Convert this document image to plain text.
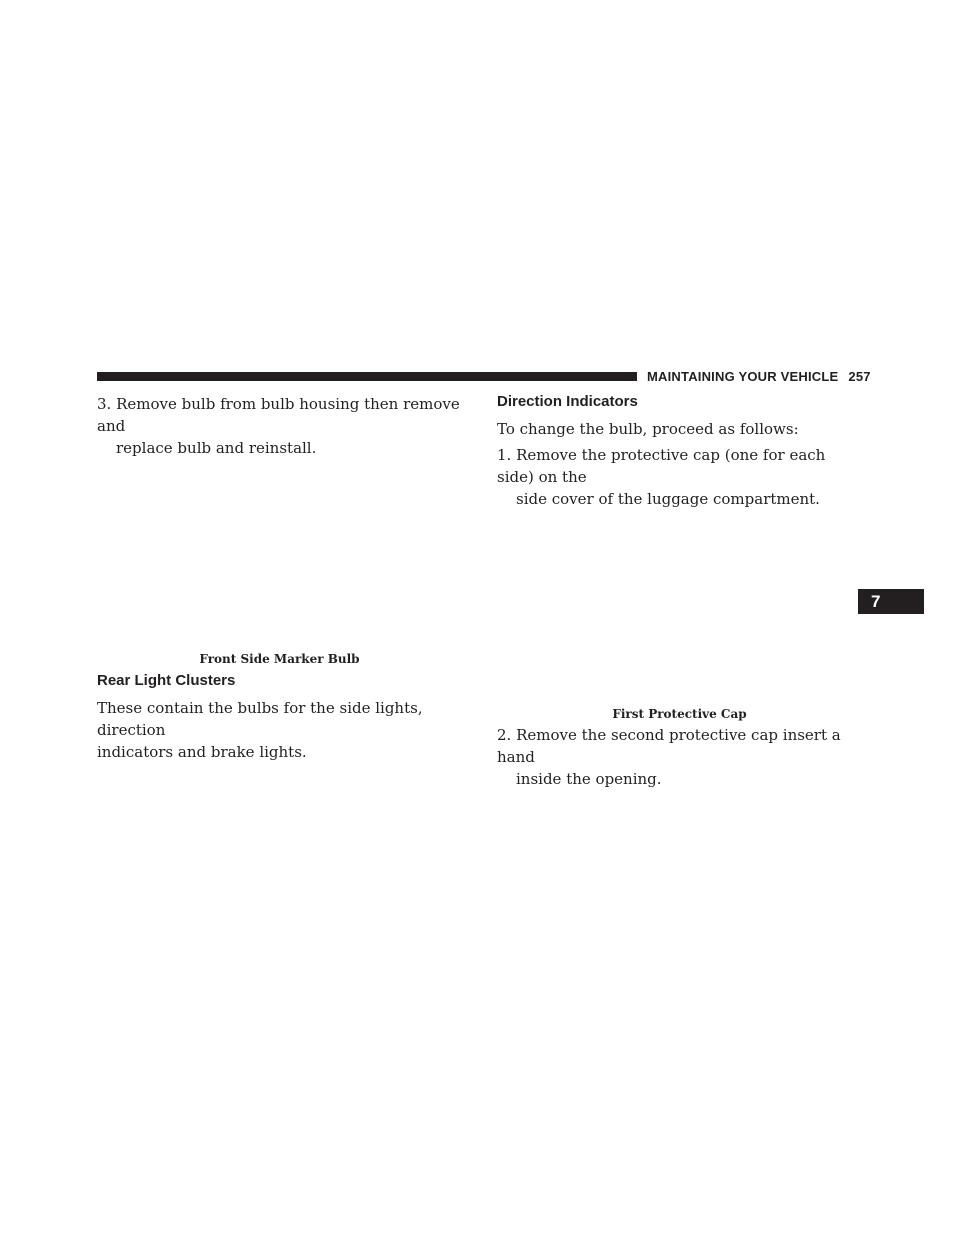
MAINTAINING YOUR VEHICLE 257
3. Remove bulb from bulb housing then remove and
replace bulb and reinstall.
Front Side Marker Bulb
Rear Light Clusters
These contain the bulbs for the side lights, direction
indicators and brake lights.
Direction Indicators
To change the bulb, proceed as follows:
1. Remove the protective cap (one for each side) on the
side cover of the luggage compartment.
First Protective Cap
2. Remove the second protective cap insert a hand
inside the opening.
7
